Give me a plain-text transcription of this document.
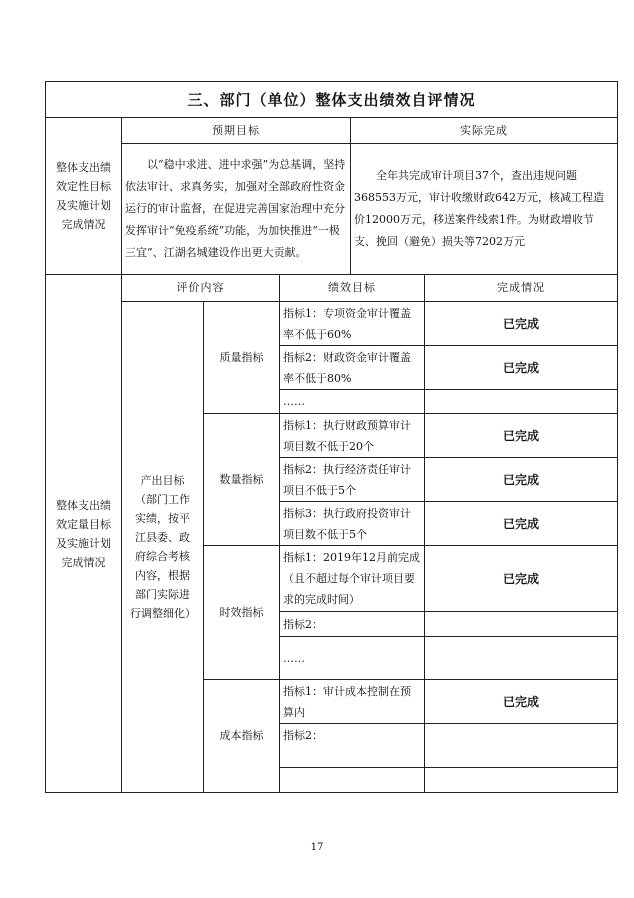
三、部门（单位）整体支出绩效自评情况					
整体支出绩效定性目标及实施计划完成情况	预期目标			实际完成	
	以“稳中求进、进中求强”为总基调，坚持依法审计、求真务实，加强对全部政府性资金运行的审计监督，在促进完善国家治理中充分发挥审计“免疫系统”功能，为加快推进“一极三宜”、江湖名城建设作出更大贡献。			全年共完成审计项目37个，查出违规问题368553万元，审计收缴财政642万元，核减工程造价12000万元，移送案件线索1件。为财政增收节支、挽回（避免）损失等7202万元	
整体支出绩效定量目标及实施计划完成情况	评价内容		绩效目标		完成情况
	产出目标（部门工作实绩，按平江县委、政府综合考核内容，根据部门实际进行调整细化）	质量指标	指标1：专项资金审计覆盖率不低于60%		已完成
			指标2：财政资金审计覆盖率不低于80%		已完成
			……		
		数量指标	指标1：执行财政预算审计项目数不低于20个		已完成
			指标2：执行经济责任审计项目不低于5个		已完成
			指标3：执行政府投资审计项目数不低于5个		已完成
		时效指标	指标1：2019年12月前完成（且不超过每个审计项目要求的完成时间）		已完成
			指标2：		
			……		
		成本指标	指标1：审计成本控制在预算内		已完成
			指标2：		

17
